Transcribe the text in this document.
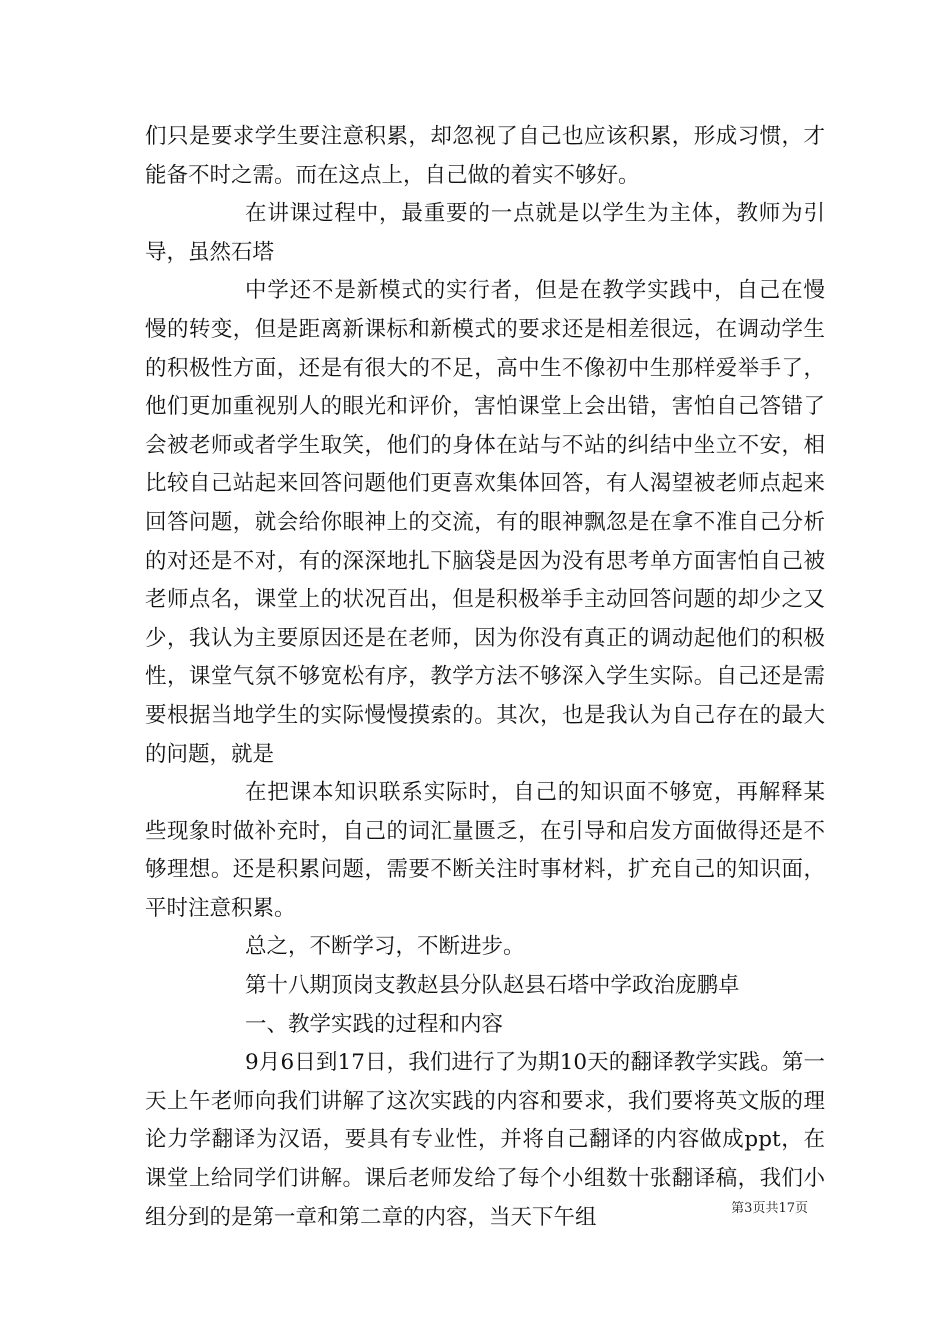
们只是要求学生要注意积累，却忽视了自己也应该积累，形成习惯，才能备不时之需。而在这点上，自己做的着实不够好。

在讲课过程中，最重要的一点就是以学生为主体，教师为引导，虽然石塔

中学还不是新模式的实行者，但是在教学实践中，自己在慢慢的转变，但是距离新课标和新模式的要求还是相差很远，在调动学生的积极性方面，还是有很大的不足，高中生不像初中生那样爱举手了，他们更加重视别人的眼光和评价，害怕课堂上会出错，害怕自己答错了会被老师或者学生取笑，他们的身体在站与不站的纠结中坐立不安，相比较自己站起来回答问题他们更喜欢集体回答，有人渴望被老师点起来回答问题，就会给你眼神上的交流，有的眼神飘忽是在拿不准自己分析的对还是不对，有的深深地扎下脑袋是因为没有思考单方面害怕自己被老师点名，课堂上的状况百出，但是积极举手主动回答问题的却少之又少，我认为主要原因还是在老师，因为你没有真正的调动起他们的积极性，课堂气氛不够宽松有序，教学方法不够深入学生实际。自己还是需要根据当地学生的实际慢慢摸索的。其次，也是我认为自己存在的最大的问题，就是

在把课本知识联系实际时，自己的知识面不够宽，再解释某些现象时做补充时，自己的词汇量匮乏，在引导和启发方面做得还是不够理想。还是积累问题，需要不断关注时事材料，扩充自己的知识面，平时注意积累。

总之，不断学习，不断进步。

第十八期顶岗支教赵县分队赵县石塔中学政治庞鹏卓

一、教学实践的过程和内容

9月6日到17日，我们进行了为期10天的翻译教学实践。第一天上午老师向我们讲解了这次实践的内容和要求，我们要将英文版的理论力学翻译为汉语，要具有专业性，并将自己翻译的内容做成ppt，在课堂上给同学们讲解。课后老师发给了每个小组数十张翻译稿，我们小组分到的是第一章和第二章的内容，当天下午组	第3页共17页
